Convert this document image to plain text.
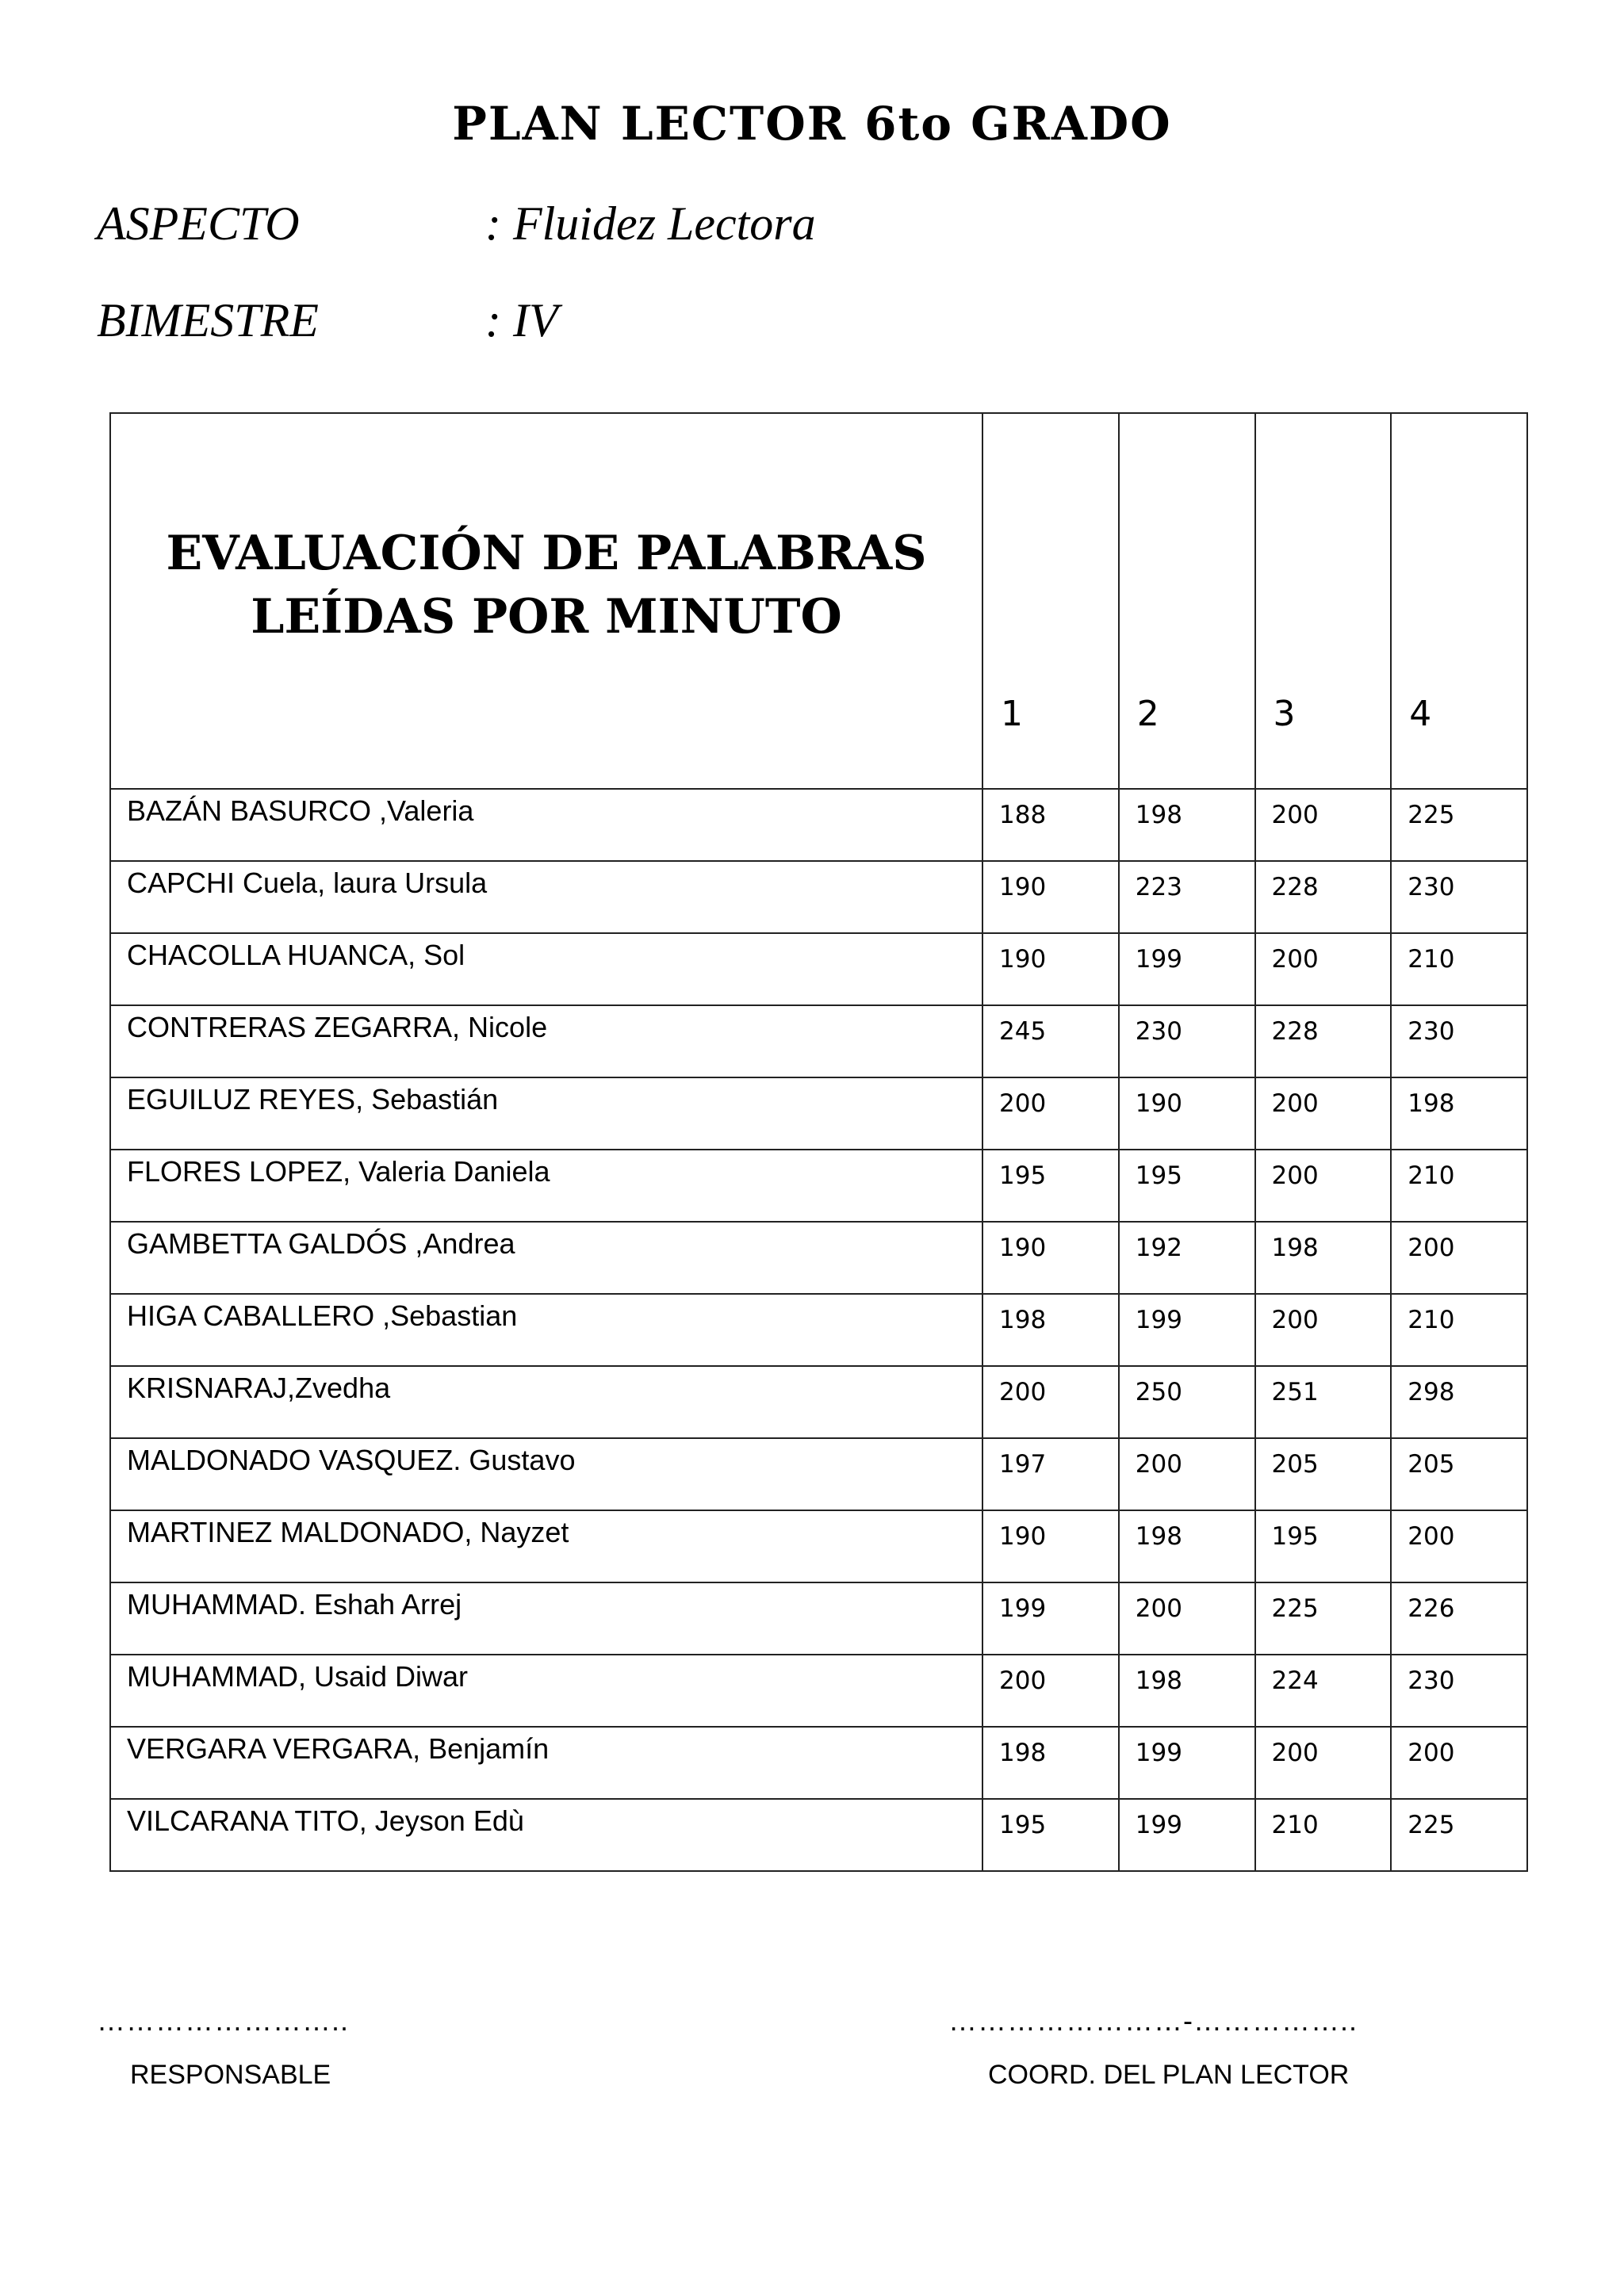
PLAN LECTOR 6to GRADO
ASPECTO	: Fluidez Lectora
BIMESTRE	: IV
EVALUACIÓN DE PALABRAS LEÍDAS POR MINUTO	1	2	3	4
BAZÁN BASURCO ,Valeria	188	198	200	225
CAPCHI Cuela, laura Ursula	190	223	228	230
CHACOLLA HUANCA, Sol	190	199	200	210
CONTRERAS ZEGARRA, Nicole	245	230	228	230
EGUILUZ REYES, Sebastián	200	190	200	198
FLORES LOPEZ, Valeria Daniela	195	195	200	210
GAMBETTA GALDÓS ,Andrea	190	192	198	200
HIGA CABALLERO ,Sebastian	198	199	200	210
KRISNARAJ,Zvedha	200	250	251	298
MALDONADO VASQUEZ. Gustavo	197	200	205	205
MARTINEZ MALDONADO, Nayzet	190	198	195	200
MUHAMMAD. Eshah Arrej	199	200	225	226
MUHAMMAD, Usaid Diwar	200	198	224	230
VERGARA VERGARA, Benjamín	198	199	200	200
VILCARANA TITO, Jeyson Edù	195	199	210	225
……………………..
RESPONSABLE
……………………-……………..
COORD. DEL PLAN LECTOR
